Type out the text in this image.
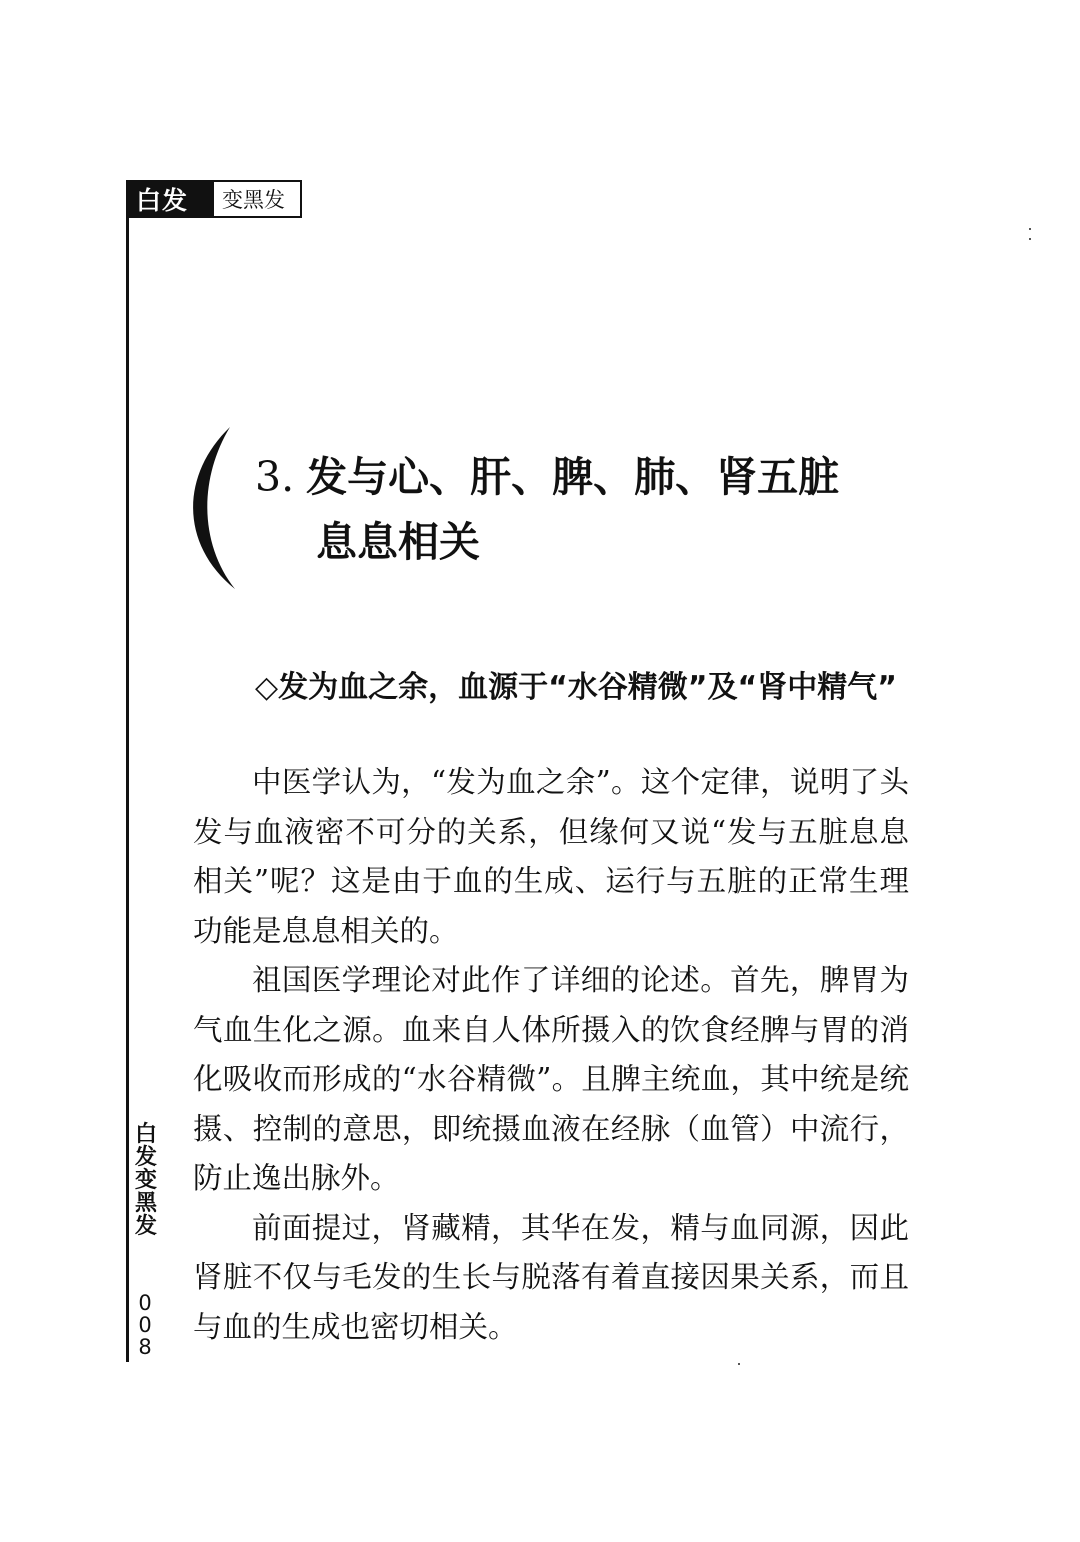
白发	变黑发
3. 发与心、肝、脾、肺、肾五脏
息息相关
◇发为血之余，血源于“水谷精微”及“肾中精气”

中医学认为，“发为血之余”。这个定律，说明了头发与血液密不可分的关系，但缘何又说“发与五脏息息相关”呢？这是由于血的生成、运行与五脏的正常生理功能是息息相关的。

祖国医学理论对此作了详细的论述。首先，脾胃为气血生化之源。血来自人体所摄入的饮食经脾与胃的消化吸收而形成的“水谷精微”。且脾主统血，其中统是统摄、控制的意思，即统摄血液在经脉（血管）中流行，防止逸出脉外。

前面提过，肾藏精，其华在发，精与血同源，因此肾脏不仅与毛发的生长与脱落有着直接因果关系，而且与血的生成也密切相关。

白
发
变
黑
发
0
0
8
